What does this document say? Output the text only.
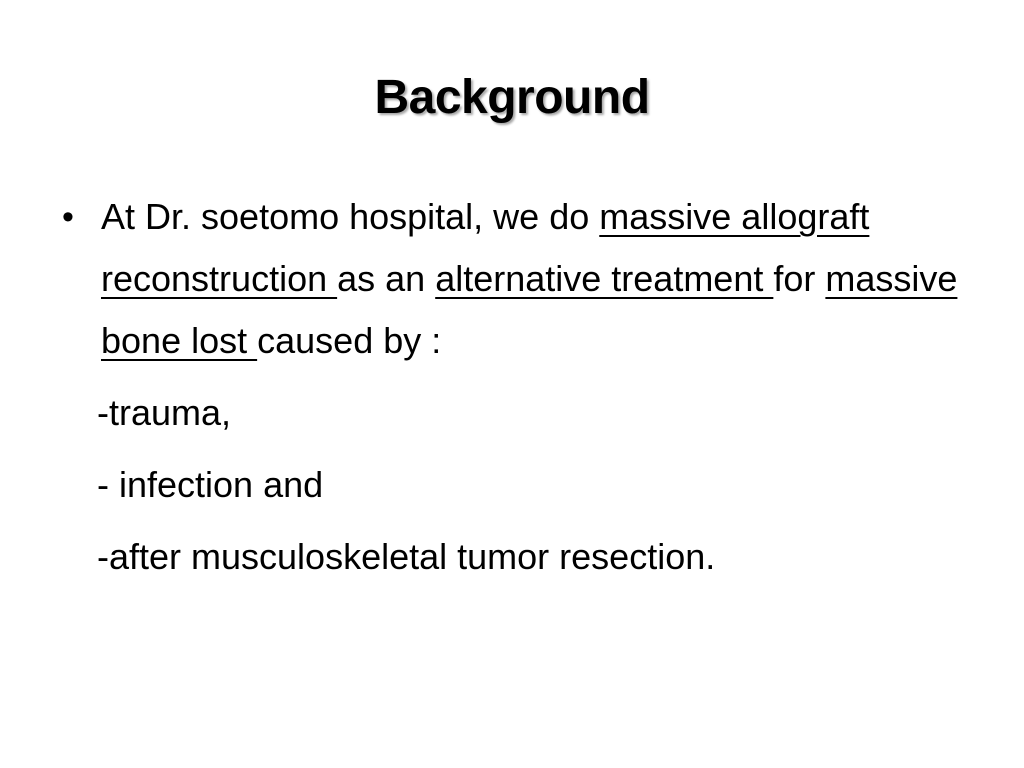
Background
• At Dr. soetomo hospital, we do massive allograft reconstruction as an alternative treatment for massive bone lost caused by :
-trauma,
- infection and
-after musculoskeletal tumor resection.
